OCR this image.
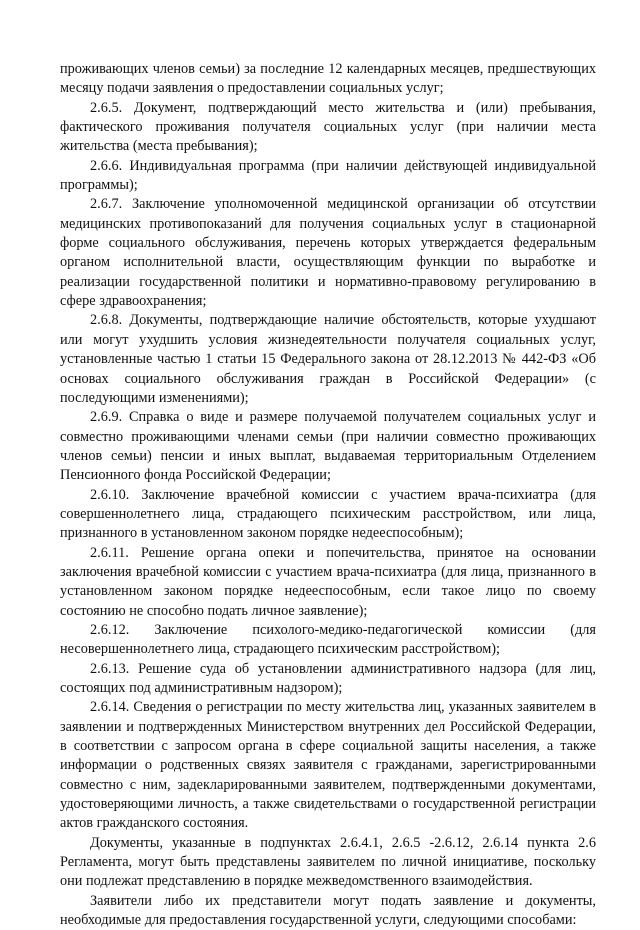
проживающих членов семьи) за последние 12 календарных месяцев, предшествующих месяцу подачи заявления о предоставлении социальных услуг;

2.6.5. Документ, подтверждающий место жительства и (или) пребывания, фактического проживания получателя социальных услуг (при наличии места жительства (места пребывания);

2.6.6. Индивидуальная программа (при наличии действующей индивидуальной программы);

2.6.7. Заключение уполномоченной медицинской организации об отсутствии медицинских противопоказаний для получения социальных услуг в стационарной форме социального обслуживания, перечень которых утверждается федеральным органом исполнительной власти, осуществляющим функции по выработке и реализации государственной политики и нормативно-правовому регулированию в сфере здравоохранения;

2.6.8. Документы, подтверждающие наличие обстоятельств, которые ухудшают или могут ухудшить условия жизнедеятельности получателя социальных услуг, установленные частью 1 статьи 15 Федерального закона от 28.12.2013 № 442-ФЗ «Об основах социального обслуживания граждан в Российской Федерации» (с последующими изменениями);

2.6.9. Справка о виде и размере получаемой получателем социальных услуг и совместно проживающими членами семьи (при наличии совместно проживающих членов семьи) пенсии и иных выплат, выдаваемая территориальным Отделением Пенсионного фонда Российской Федерации;

2.6.10. Заключение врачебной комиссии с участием врача-психиатра (для совершеннолетнего лица, страдающего психическим расстройством, или лица, признанного в установленном законом порядке недееспособным);

2.6.11. Решение органа опеки и попечительства, принятое на основании заключения врачебной комиссии с участием врача-психиатра (для лица, признанного в установленном законом порядке недееспособным, если такое лицо по своему состоянию не способно подать личное заявление);

2.6.12. Заключение психолого-медико-педагогической комиссии (для несовершеннолетнего лица, страдающего психическим расстройством);

2.6.13. Решение суда об установлении административного надзора (для лиц, состоящих под административным надзором);

2.6.14. Сведения о регистрации по месту жительства лиц, указанных заявителем в заявлении и подтвержденных Министерством внутренних дел Российской Федерации, в соответствии с запросом органа в сфере социальной защиты населения, а также информации о родственных связях заявителя с гражданами, зарегистрированными совместно с ним, задекларированными заявителем, подтвержденными документами, удостоверяющими личность, а также свидетельствами о государственной регистрации актов гражданского состояния.

Документы, указанные в подпунктах 2.6.4.1, 2.6.5 -2.6.12, 2.6.14 пункта 2.6 Регламента, могут быть представлены заявителем по личной инициативе, поскольку они подлежат представлению в порядке межведомственного взаимодействия.

Заявители либо их представители могут подать заявление и документы, необходимые для предоставления государственной услуги, следующими способами:
